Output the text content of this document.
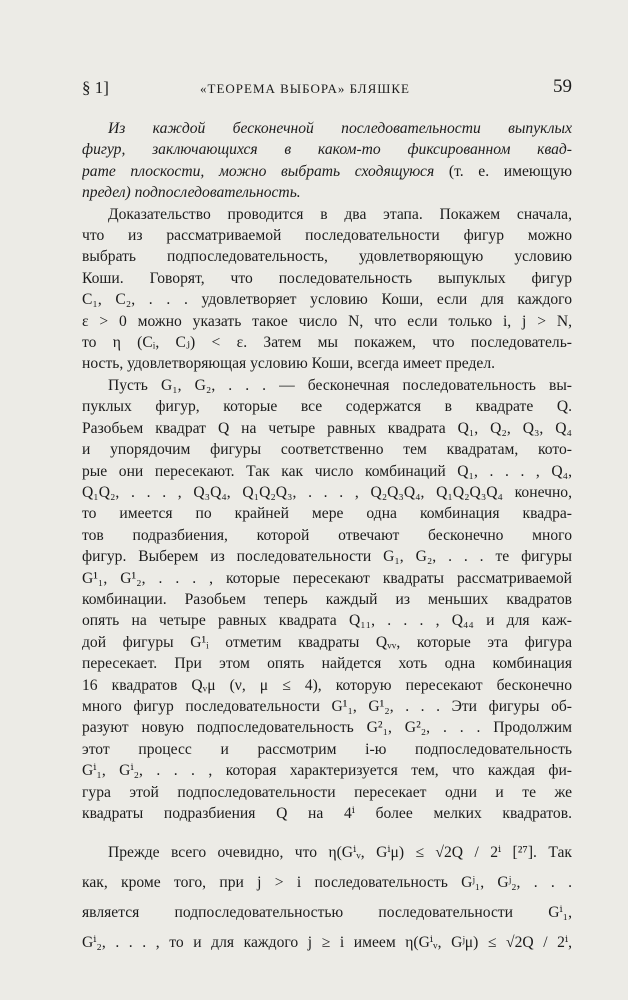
§ 1]	«ТЕОРЕМА ВЫБОРА» БЛЯШКЕ	59
Из каждой бесконечной последовательности выпуклых
фигур, заключающихся в каком-то фиксированном квад-
рате плоскости, можно выбрать сходящуюся (т. е. имеющую
предел) подпоследовательность.
Доказательство проводится в два этапа. Покажем сначала,
что из рассматриваемой последовательности фигур можно
выбрать подпоследовательность, удовлетворяющую условию
Коши. Говорят, что последовательность выпуклых фигур
C₁, C₂, . . . удовлетворяет условию Коши, если для каждого
ε > 0 можно указать такое число N, что если только i, j > N,
то η (Cᵢ, Cⱼ) < ε. Затем мы покажем, что последователь-
ность, удовлетворяющая условию Коши, всегда имеет предел.
Пусть G₁, G₂, . . . — бесконечная последовательность вы-
пуклых фигур, которые все содержатся в квадрате Q.
Разобьем квадрат Q на четыре равных квадрата Q₁, Q₂, Q₃, Q₄
и упорядочим фигуры соответственно тем квадратам, кото-
рые они пересекают. Так как число комбинаций Q₁, . . . , Q₄,
Q₁Q₂, . . . , Q₃Q₄, Q₁Q₂Q₃, . . . , Q₂Q₃Q₄, Q₁Q₂Q₃Q₄ конечно,
то имеется по крайней мере одна комбинация квадра-
тов подразбиения, которой отвечают бесконечно много
фигур. Выберем из последовательности G₁, G₂, . . . те фигуры
G¹₁, G¹₂, . . . , которые пересекают квадраты рассматриваемой
комбинации. Разобьем теперь каждый из меньших квадратов
опять на четыре равных квадрата Q₁₁, . . . , Q₄₄ и для каж-
дой фигуры G¹ᵢ отметим квадраты Qᵥᵥ, которые эта фигура
пересекает. При этом опять найдется хоть одна комбинация
16 квадратов Qᵥμ (ν, μ ≤ 4), которую пересекают бесконечно
много фигур последовательности G¹₁, G¹₂, . . . Эти фигуры об-
разуют новую подпоследовательность G²₁, G²₂, . . . Продолжим
этот процесс и рассмотрим i-ю подпоследовательность
Gⁱ₁, Gⁱ₂, . . . , которая характеризуется тем, что каждая фи-
гура этой подпоследовательности пересекает одни и те же
квадраты подразбиения Q на 4ⁱ более мелких квадратов.
Прежде всего очевидно, что η(Gⁱᵥ, Gⁱμ) ≤ √2Q / 2ⁱ [²⁷]. Так
как, кроме того, при j > i последовательность Gʲ₁, Gʲ₂, . . .
является подпоследовательностью последовательности Gⁱ₁,
Gⁱ₂, . . . , то и для каждого j ≥ i имеем η(Gⁱᵥ, Gʲμ) ≤ √2Q / 2ⁱ,
